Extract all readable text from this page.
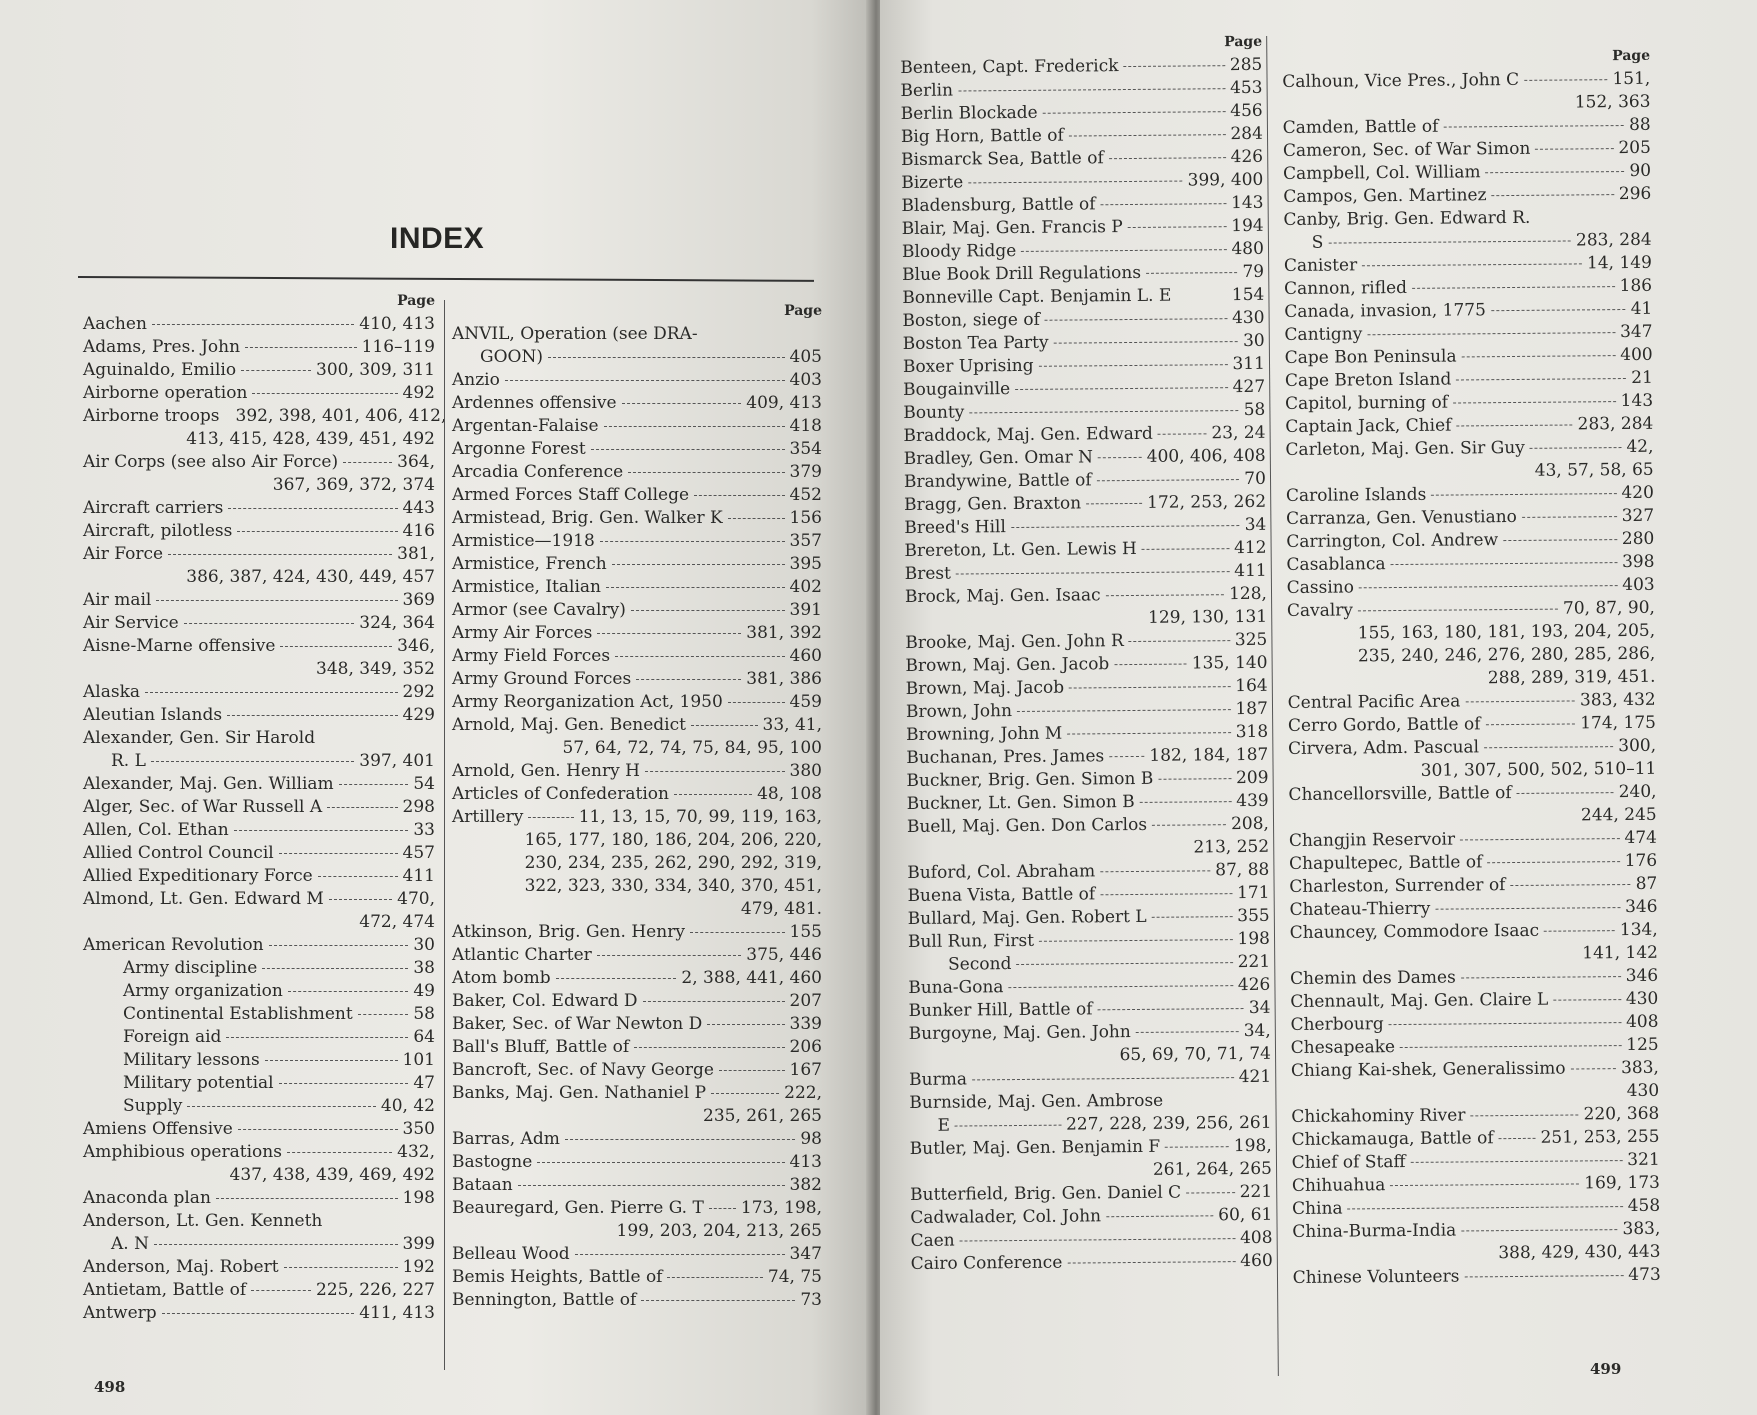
INDEX
Page
Aachen	410, 413
Adams, Pres. John	116–119
Aguinaldo, Emilio	300, 309, 311
Airborne operation	492
Airborne troops 392, 398, 401, 406, 412,
413, 415, 428, 439, 451, 492
Air Corps (see also Air Force)	364,
367, 369, 372, 374
Aircraft carriers	443
Aircraft, pilotless	416
Air Force	381,
386, 387, 424, 430, 449, 457
Air mail	369
Air Service	324, 364
Aisne-Marne offensive	346,
348, 349, 352
Alaska	292
Aleutian Islands	429
Alexander, Gen. Sir Harold
R. L	397, 401
Alexander, Maj. Gen. William	54
Alger, Sec. of War Russell A	298
Allen, Col. Ethan	33
Allied Control Council	457
Allied Expeditionary Force	411
Almond, Lt. Gen. Edward M	470,
472, 474
American Revolution	30
Army discipline	38
Army organization	49
Continental Establishment	58
Foreign aid	64
Military lessons	101
Military potential	47
Supply	40, 42
Amiens Offensive	350
Amphibious operations	432,
437, 438, 439, 469, 492
Anaconda plan	198
Anderson, Lt. Gen. Kenneth
A. N	399
Anderson, Maj. Robert	192
Antietam, Battle of	225, 226, 227
Antwerp	411, 413
Page
ANVIL, Operation (see DRA-
GOON)	405
Anzio	403
Ardennes offensive	409, 413
Argentan-Falaise	418
Argonne Forest	354
Arcadia Conference	379
Armed Forces Staff College	452
Armistead, Brig. Gen. Walker K	156
Armistice—1918	357
Armistice, French	395
Armistice, Italian	402
Armor (see Cavalry)	391
Army Air Forces	381, 392
Army Field Forces	460
Army Ground Forces	381, 386
Army Reorganization Act, 1950	459
Arnold, Maj. Gen. Benedict	33, 41,
57, 64, 72, 74, 75, 84, 95, 100
Arnold, Gen. Henry H	380
Articles of Confederation	48, 108
Artillery	11, 13, 15, 70, 99, 119, 163,
165, 177, 180, 186, 204, 206, 220,
230, 234, 235, 262, 290, 292, 319,
322, 323, 330, 334, 340, 370, 451,
479, 481.
Atkinson, Brig. Gen. Henry	155
Atlantic Charter	375, 446
Atom bomb	2, 388, 441, 460
Baker, Col. Edward D	207
Baker, Sec. of War Newton D	339
Ball's Bluff, Battle of	206
Bancroft, Sec. of Navy George	167
Banks, Maj. Gen. Nathaniel P	222,
235, 261, 265
Barras, Adm	98
Bastogne	413
Bataan	382
Beauregard, Gen. Pierre G. T 173, 198,
199, 203, 204, 213, 265
Belleau Wood	347
Bemis Heights, Battle of	74, 75
Bennington, Battle of	73
498
Page
Benteen, Capt. Frederick	285
Berlin	453
Berlin Blockade	456
Big Horn, Battle of	284
Bismarck Sea, Battle of	426
Bizerte	399, 400
Bladensburg, Battle of	143
Blair, Maj. Gen. Francis P	194
Bloody Ridge	480
Blue Book Drill Regulations	79
Bonneville Capt. Benjamin L. E	154
Boston, siege of	430
Boston Tea Party	30
Boxer Uprising	311
Bougainville	427
Bounty	58
Braddock, Maj. Gen. Edward	23, 24
Bradley, Gen. Omar N	400, 406, 408
Brandywine, Battle of	70
Bragg, Gen. Braxton	172, 253, 262
Breed's Hill	34
Brereton, Lt. Gen. Lewis H	412
Brest	411
Brock, Maj. Gen. Isaac	128,
129, 130, 131
Brooke, Maj. Gen. John R	325
Brown, Maj. Gen. Jacob	135, 140
Brown, Maj. Jacob	164
Brown, John	187
Browning, John M	318
Buchanan, Pres. James	182, 184, 187
Buckner, Brig. Gen. Simon B	209
Buckner, Lt. Gen. Simon B	439
Buell, Maj. Gen. Don Carlos	208,
213, 252
Buford, Col. Abraham	87, 88
Buena Vista, Battle of	171
Bullard, Maj. Gen. Robert L	355
Bull Run, First	198
Second	221
Buna-Gona	426
Bunker Hill, Battle of	34
Burgoyne, Maj. Gen. John	34,
65, 69, 70, 71, 74
Burma	421
Burnside, Maj. Gen. Ambrose
E	227, 228, 239, 256, 261
Butler, Maj. Gen. Benjamin F	198,
261, 264, 265
Butterfield, Brig. Gen. Daniel C	221
Cadwalader, Col. John	60, 61
Caen	408
Cairo Conference	460
Page
Calhoun, Vice Pres., John C	151,
152, 363
Camden, Battle of	88
Cameron, Sec. of War Simon	205
Campbell, Col. William	90
Campos, Gen. Martinez	296
Canby, Brig. Gen. Edward R.
S	283, 284
Canister	14, 149
Cannon, rifled	186
Canada, invasion, 1775	41
Cantigny	347
Cape Bon Peninsula	400
Cape Breton Island	21
Capitol, burning of	143
Captain Jack, Chief	283, 284
Carleton, Maj. Gen. Sir Guy	42,
43, 57, 58, 65
Caroline Islands	420
Carranza, Gen. Venustiano	327
Carrington, Col. Andrew	280
Casablanca	398
Cassino	403
Cavalry	70, 87, 90,
155, 163, 180, 181, 193, 204, 205,
235, 240, 246, 276, 280, 285, 286,
288, 289, 319, 451.
Central Pacific Area	383, 432
Cerro Gordo, Battle of	174, 175
Cirvera, Adm. Pascual	300,
301, 307, 500, 502, 510–11
Chancellorsville, Battle of	240,
244, 245
Changjin Reservoir	474
Chapultepec, Battle of	176
Charleston, Surrender of	87
Chateau-Thierry	346
Chauncey, Commodore Isaac	134,
141, 142
Chemin des Dames	346
Chennault, Maj. Gen. Claire L	430
Cherbourg	408
Chesapeake	125
Chiang Kai-shek, Generalissimo	383,
430
Chickahominy River	220, 368
Chickamauga, Battle of	251, 253, 255
Chief of Staff	321
Chihuahua	169, 173
China	458
China-Burma-India	383,
388, 429, 430, 443
Chinese Volunteers	473
499
